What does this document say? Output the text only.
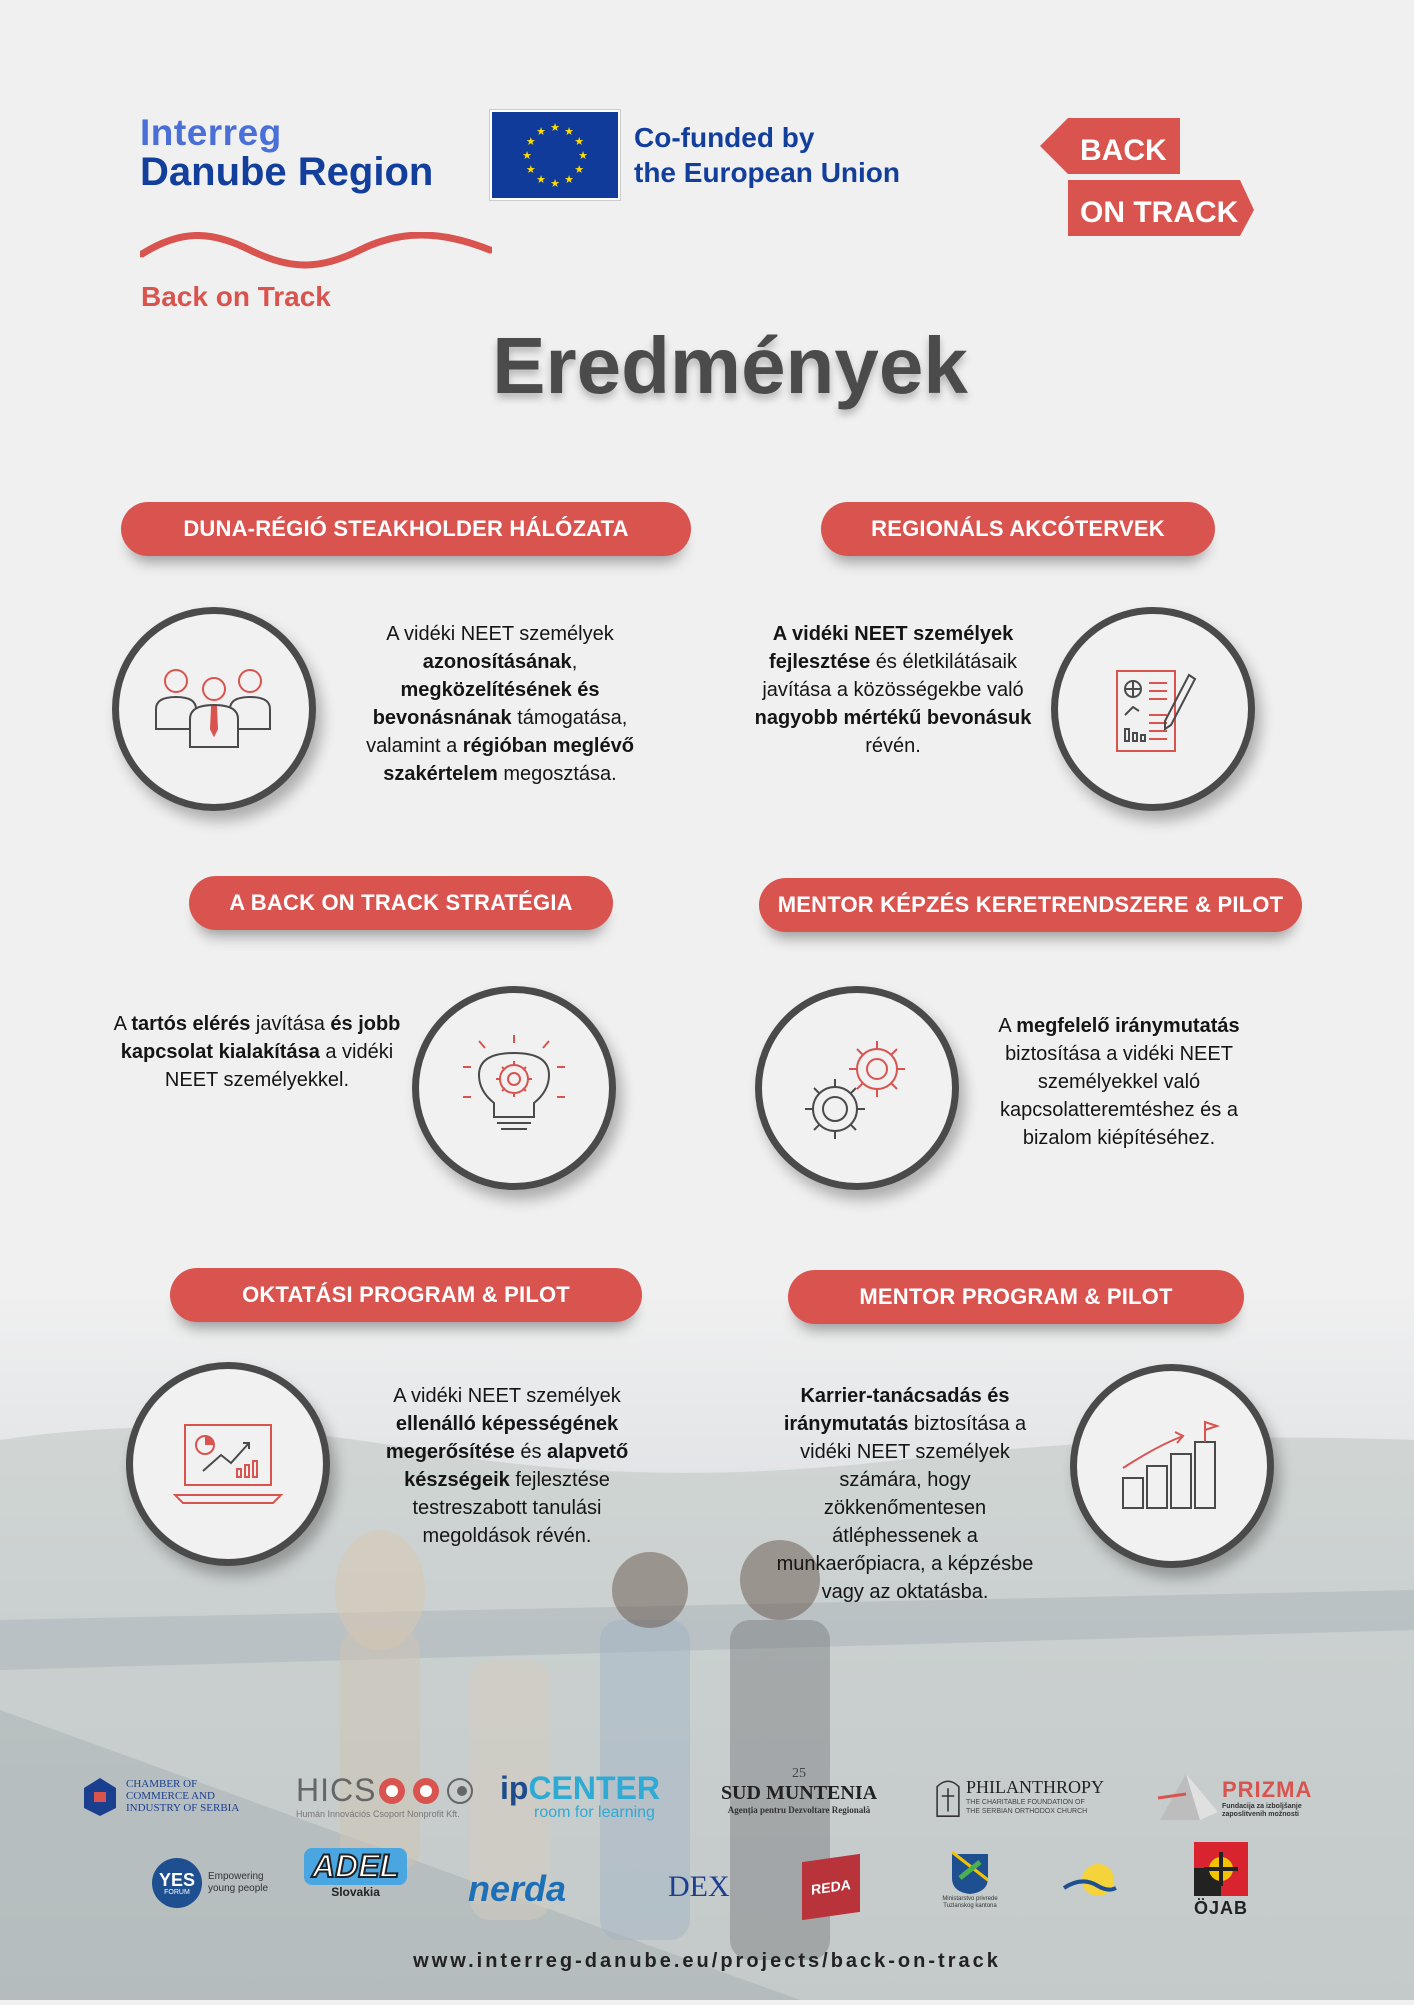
Interreg
Danube Region
Back on Track
★ ★
★
★
★
★
★
★
★
★
★
★	Co-funded by
the European Union
BACK
ON TRACK
Eredmények
DUNA-RÉGIÓ STEAKHOLDER HÁLÓZATA
A vidéki NEET személyek azonosításának, megközelítésének és bevonásnának támogatása, valamint a régióban meglévő szakértelem megosztása.
REGIONÁLS AKCÓTERVEK
A vidéki NEET személyek fejlesztése és életkilátásaik javítása a közösségekbe való nagyobb mértékű bevonásuk révén.
A BACK ON TRACK STRATÉGIA
A tartós elérés javítása és jobb kapcsolat kialakítása a vidéki NEET személyekkel.
MENTOR KÉPZÉS KERETRENDSZERE & PILOT
A megfelelő iránymutatás biztosítása a vidéki NEET személyekkel való kapcsolatteremtéshez és a bizalom kiépítéséhez.
OKTATÁSI PROGRAM & PILOT
A vidéki NEET személyek ellenálló képességének megerősítése és alapvető készségeik fejlesztése testreszabott tanulási megoldások révén.
MENTOR PROGRAM & PILOT
Karrier-tanácsadás és iránymutatás biztosítása a vidéki NEET személyek számára, hogy zökkenőmentesen átléphessenek a munkaerőpiacra, a képzésbe vagy az oktatásba.
CHAMBER OF COMMERCE AND INDUSTRY OF SERBIA	HICS
Humán Innovációs Csoport Nonprofit Kft.
ipCENTER
room for learning
25
SUD MUNTENIA
Agenția pentru Dezvoltare Regională
PHILANTHROPY
THE CHARITABLE FOUNDATION OF THE SERBIAN ORTHODOX CHURCH
PRIZMA
Fundacija za izboljšanje zaposlitvenih možnosti
YES
FORUM
Empowering young people
ADEL
Slovakia nerda	DEX	REDA
Ministarstvo privrede Tuzlanskog kantona	ÖJAB
www.interreg-danube.eu/projects/back-on-track
